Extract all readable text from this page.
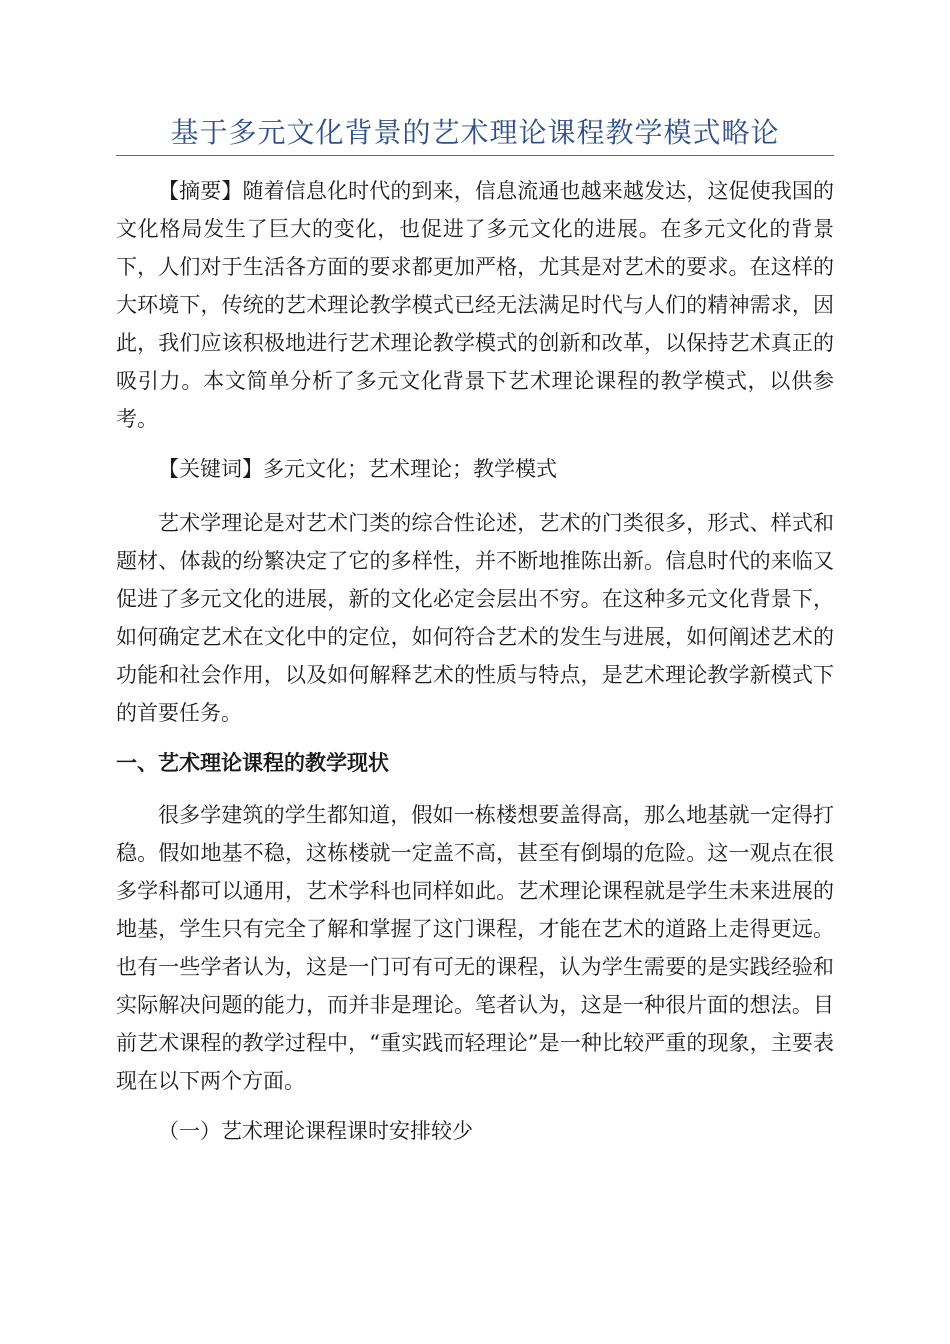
基于多元文化背景的艺术理论课程教学模式略论

【摘要】随着信息化时代的到来，信息流通也越来越发达，这促使我国的文化格局发生了巨大的变化，也促进了多元文化的进展。在多元文化的背景下，人们对于生活各方面的要求都更加严格，尤其是对艺术的要求。在这样的大环境下，传统的艺术理论教学模式已经无法满足时代与人们的精神需求，因此，我们应该积极地进行艺术理论教学模式的创新和改革，以保持艺术真正的吸引力。本文简单分析了多元文化背景下艺术理论课程的教学模式，以供参考。

【关键词】多元文化；艺术理论；教学模式

艺术学理论是对艺术门类的综合性论述，艺术的门类很多，形式、样式和题材、体裁的纷繁决定了它的多样性，并不断地推陈出新。信息时代的来临又促进了多元文化的进展，新的文化必定会层出不穷。在这种多元文化背景下，如何确定艺术在文化中的定位，如何符合艺术的发生与进展，如何阐述艺术的功能和社会作用，以及如何解释艺术的性质与特点，是艺术理论教学新模式下的首要任务。

一、艺术理论课程的教学现状

很多学建筑的学生都知道，假如一栋楼想要盖得高，那么地基就一定得打稳。假如地基不稳，这栋楼就一定盖不高，甚至有倒塌的危险。这一观点在很多学科都可以通用，艺术学科也同样如此。艺术理论课程就是学生未来进展的地基，学生只有完全了解和掌握了这门课程，才能在艺术的道路上走得更远。也有一些学者认为，这是一门可有可无的课程，认为学生需要的是实践经验和实际解决问题的能力，而并非是理论。笔者认为，这是一种很片面的想法。目前艺术课程的教学过程中，“重实践而轻理论”是一种比较严重的现象，主要表现在以下两个方面。

（一）艺术理论课程课时安排较少
